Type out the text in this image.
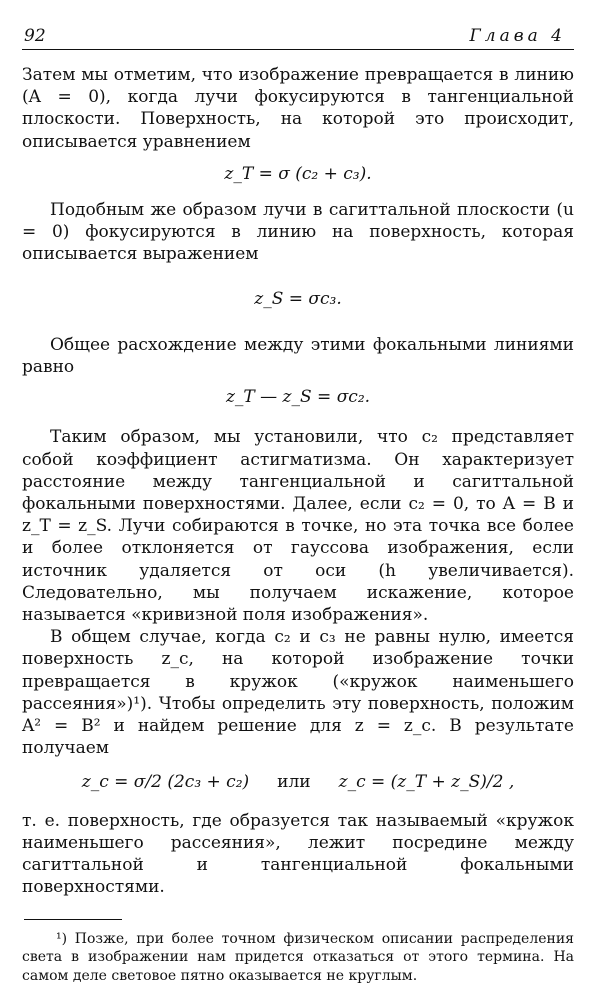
92	Глава 4

Затем мы отметим, что изображение превращается в линию (A = 0), когда лучи фокусируются в тангенциальной плоскости. Поверхность, на которой это происходит, описывается уравнением

z_T = σ (c₂ + c₃).

Подобным же образом лучи в сагиттальной плоскости (u = 0) фокусируются в линию на поверхность, которая описывается выражением

z_S = σc₃.

Общее расхождение между этими фокальными линиями равно

z_T — z_S = σc₂.

Таким образом, мы установили, что c₂ представляет собой коэффициент астигматизма. Он характеризует расстояние между тангенциальной и сагиттальной фокальными поверхностями. Далее, если c₂ = 0, то A = B и z_T = z_S. Лучи собираются в точке, но эта точка все более и более отклоняется от гауссова изображения, если источник удаляется от оси (h увеличивается). Следовательно, мы получаем искажение, которое называется «кривизной поля изображения».

В общем случае, когда c₂ и c₃ не равны нулю, имеется поверхность z_c, на которой изображение точки превращается в кружок («кружок наименьшего рассеяния»)¹). Чтобы определить эту поверхность, положим A² = B² и найдем решение для z = z_c. В результате получаем

z_c = σ/2 (2c₃ + c₂) или z_c = (z_T + z_S)/2 ,

т. е. поверхность, где образуется так называемый «кружок наименьшего рассеяния», лежит посредине между сагиттальной и тангенциальной фокальными поверхностями.

¹) Позже, при более точном физическом описании распределения света в изображении нам придется отказаться от этого термина. На самом деле световое пятно оказывается не круглым.
